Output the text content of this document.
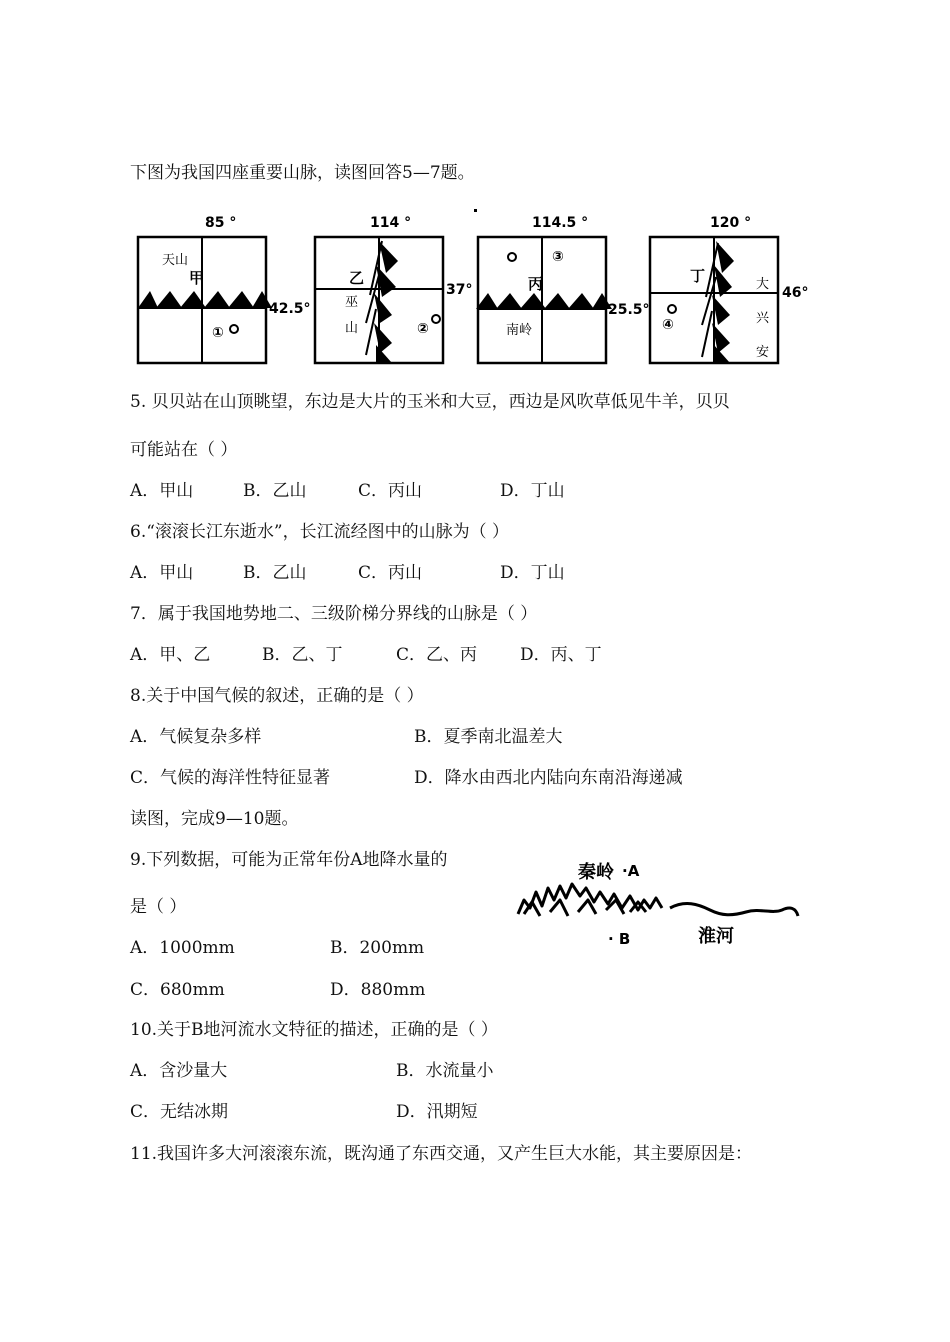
下图为我国四座重要山脉，读图回答5—7题。
85 °
天山
甲
①
42.5°
114 °
乙
巫
山	②
37°
114.5 °
③
丙
南岭
25.5°
120 °
丁	大
兴
安
④
46°
5. 贝贝站在山顶眺望，东边是大片的玉米和大豆，西边是风吹草低见牛羊，贝贝
可能站在（ ）
A．甲山	B．乙山	C．丙山	D．丁山
6.“滚滚长江东逝水”，长江流经图中的山脉为（ ）
A．甲山	B．乙山	C．丙山	D．丁山
7．属于我国地势地二、三级阶梯分界线的山脉是（ ）
A．甲、乙	B．乙、丁	C．乙、丙	D．丙、丁
8.关于中国气候的叙述，正确的是（ ）
A．气候复杂多样	B．夏季南北温差大
C．气候的海洋性特征显著	D．降水由西北内陆向东南沿海递减
读图，完成9—10题。
9.下列数据，可能为正常年份A地降水量的
是（ ）
A．1000mm	B．200mm
C．680mm	D．880mm
秦岭 ·A
· B	淮河
10.关于B地河流水文特征的描述，正确的是（ ）
A．含沙量大	B．水流量小
C．无结冰期	D．汛期短
11.我国许多大河滚滚东流，既沟通了东西交通，又产生巨大水能，其主要原因是：
